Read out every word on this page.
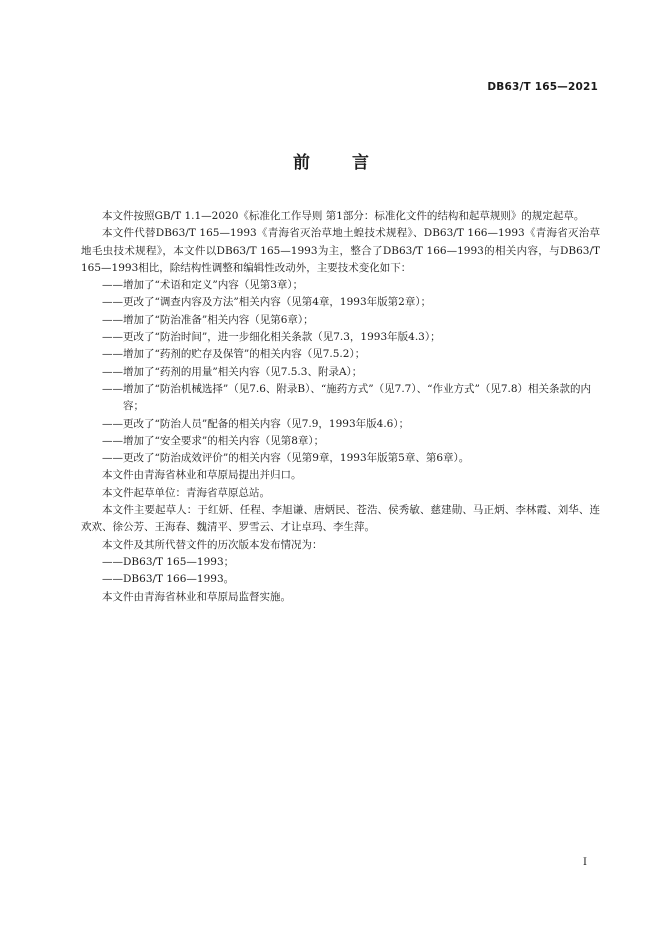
DB63/T 165—2021
前 言

本文件按照GB/T 1.1—2020《标准化工作导则 第1部分：标准化文件的结构和起草规则》的规定起草。

本文件代替DB63/T 165—1993《青海省灭治草地土蝗技术规程》、DB63/T 166—1993《青海省灭治草地毛虫技术规程》，本文件以DB63/T 165—1993为主，整合了DB63/T 166—1993的相关内容，与DB63/T 165—1993相比，除结构性调整和编辑性改动外，主要技术变化如下：

——增加了“术语和定义”内容（见第3章）；

——更改了“调查内容及方法”相关内容（见第4章，1993年版第2章）；

——增加了“防治准备”相关内容（见第6章）；

——更改了“防治时间”，进一步细化相关条款（见7.3，1993年版4.3）；

——增加了“药剂的贮存及保管”的相关内容（见7.5.2）；

——增加了“药剂的用量”相关内容（见7.5.3、附录A）；

——增加了“防治机械选择”（见7.6、附录B）、“施药方式”（见7.7）、“作业方式”（见7.8）相关条款的内容；

——更改了“防治人员”配备的相关内容（见7.9，1993年版4.6）；

——增加了“安全要求”的相关内容（见第8章）；

——更改了“防治成效评价”的相关内容（见第9章，1993年版第5章、第6章）。

本文件由青海省林业和草原局提出并归口。

本文件起草单位：青海省草原总站。

本文件主要起草人：于红妍、任程、李旭谦、唐炳民、苍浩、侯秀敏、慈建勋、马正炳、李林霞、刘华、连欢欢、徐公芳、王海春、魏清平、罗雪云、才让卓玛、李生萍。

本文件及其所代替文件的历次版本发布情况为：

——DB63/T 165—1993；

——DB63/T 166—1993。

本文件由青海省林业和草原局监督实施。

I
